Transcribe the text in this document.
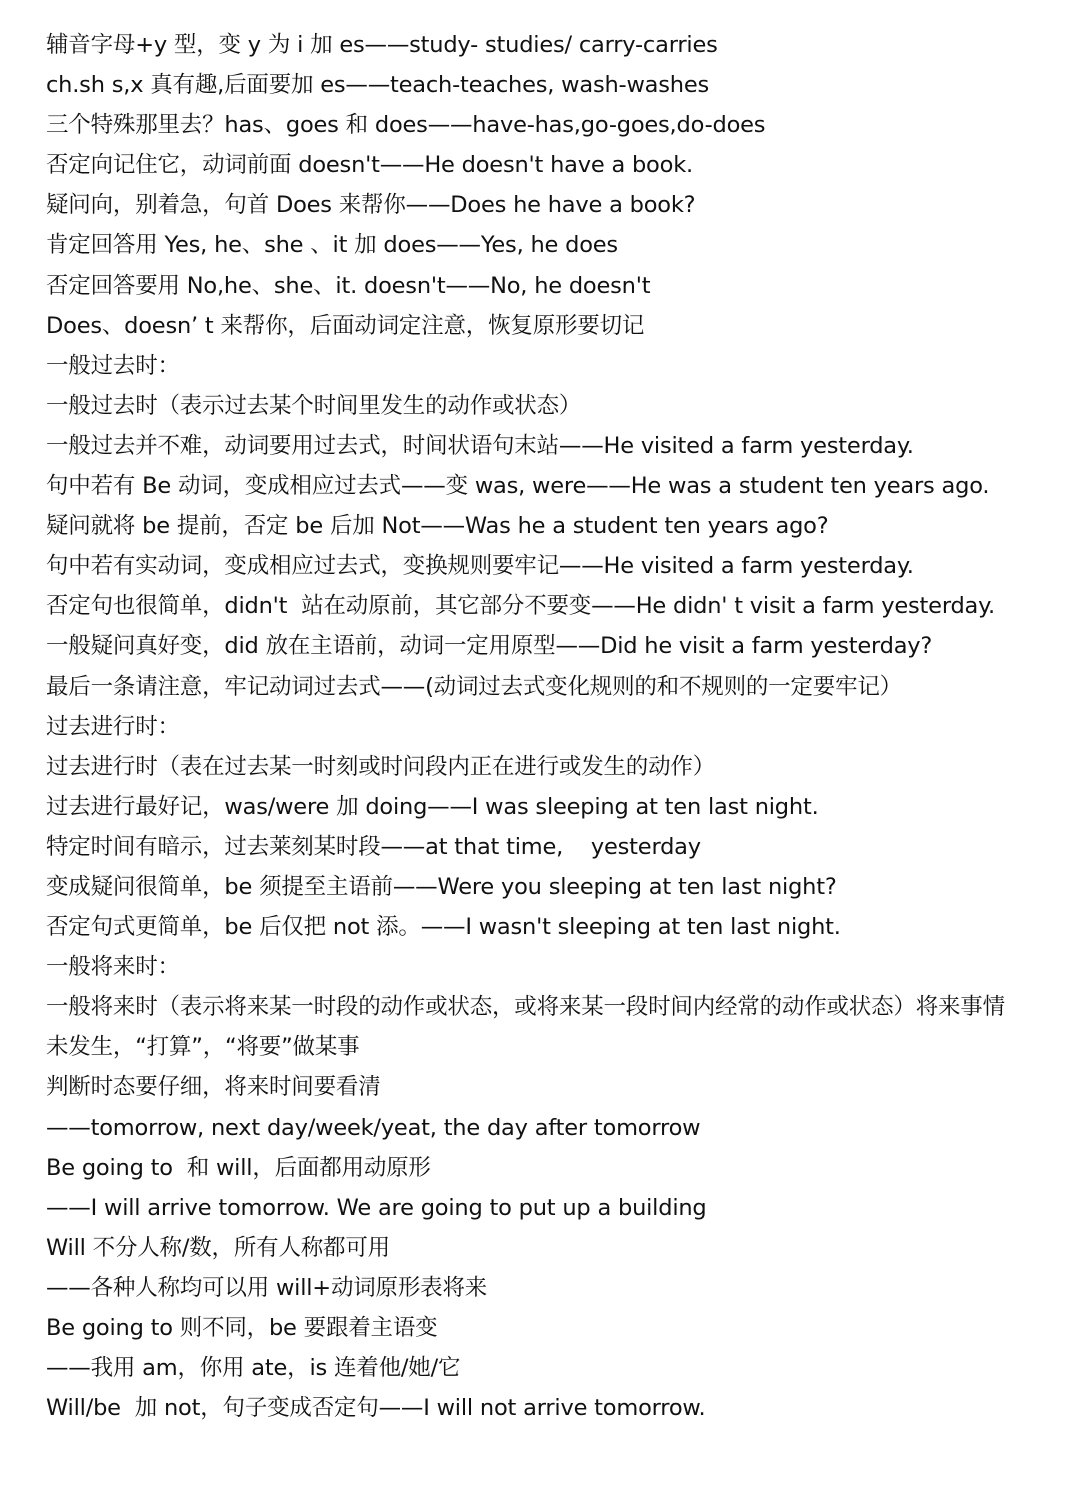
辅音字母+y 型，变 y 为 i 加 es——study- studies/ carry-carries
ch.sh s,x 真有趣,后面要加 es——teach-teaches, wash-washes
三个特殊那里去？has、goes 和 does——have-has,go-goes,do-does
否定向记住它，动词前面 doesn't——He doesn't have a book.
疑问向，别着急，句首 Does 来帮你——Does he have a book?
肯定回答用 Yes, he、she 、it 加 does——Yes, he does
否定回答要用 No,he、she、it. doesn't——No, he doesn't
Does、doesn’ t 来帮你，后面动词定注意，恢复原形要切记
一般过去时：
一般过去时（表示过去某个时间里发生的动作或状态）
一般过去并不难，动词要用过去式，时间状语句末站——He visited a farm yesterday.
句中若有 Be 动词，变成相应过去式——变 was, were——He was a student ten years ago.
疑问就将 be 提前，否定 be 后加 Not——Was he a student ten years ago?
句中若有实动词，变成相应过去式，变换规则要牢记——He visited a farm yesterday.
否定句也很简单，didn't  站在动原前，其它部分不要变——He didn' t visit a farm yesterday.
一般疑问真好变，did 放在主语前，动词一定用原型——Did he visit a farm yesterday?
最后一条请注意，牢记动词过去式——(动词过去式变化规则的和不规则的一定要牢记）
过去进行时：
过去进行时（表在过去某一时刻或时问段内正在进行或发生的动作）
过去进行最好记，was/were 加 doing——I was sleeping at ten last night.
特定时间有暗示，过去莱刻某时段——at that time,    yesterday
变成疑问很简单，be 须提至主语前——Were you sleeping at ten last night?
否定句式更简单，be 后仅把 not 添。——I wasn't sleeping at ten last night.
一般将来时：
一般将来时（表示将来某一时段的动作或状态，或将来某一段时间内经常的动作或状态）将来事情
未发生，“打算”，“将要”做某事
判断时态要仔细，将来时间要看清
——tomorrow, next day/week/yeat, the day after tomorrow
Be going to  和 will，后面都用动原形
——I will arrive tomorrow. We are going to put up a building
Will 不分人称/数，所有人称都可用
——各种人称均可以用 will+动词原形表将来
Be going to 则不同，be 要跟着主语变
——我用 am，你用 ate，is 连着他/她/它
Will/be  加 not，句子变成否定句——I will not arrive tomorrow.
